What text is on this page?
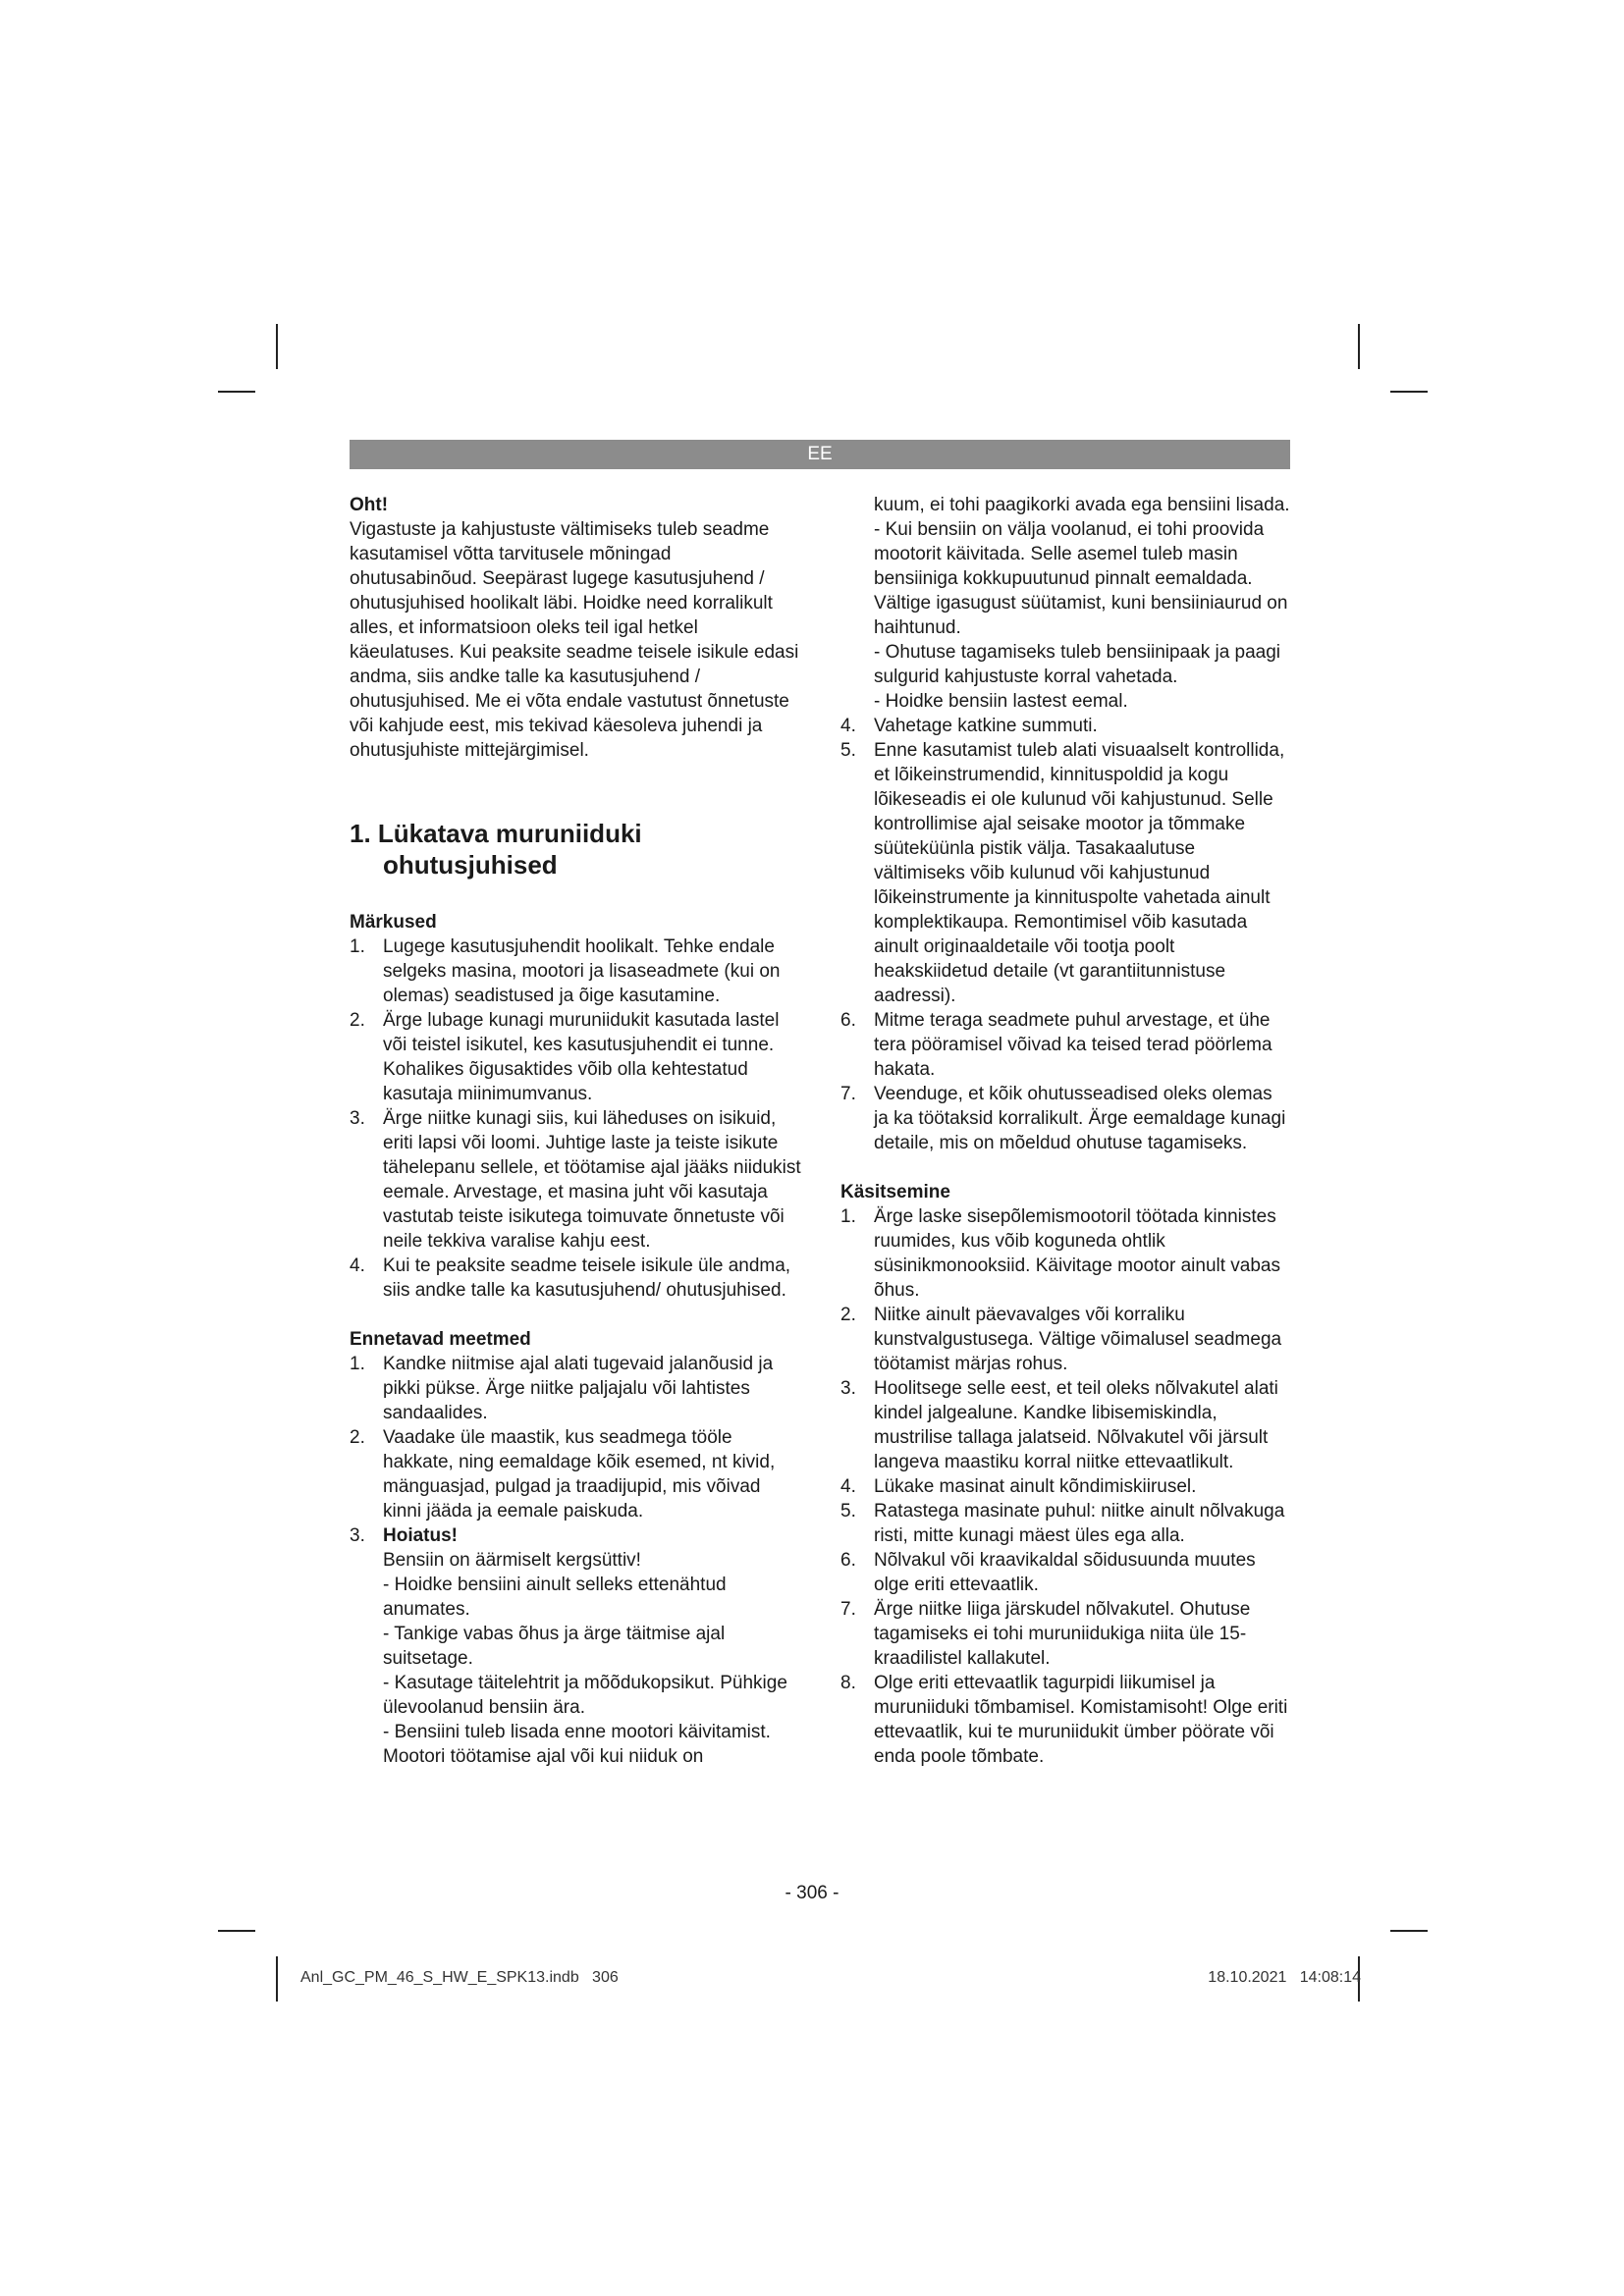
EE

Oht!

Vigastuste ja kahjustuste vältimiseks tuleb seadme kasutamisel võtta tarvitusele mõningad ohutusabinõud. Seepärast lugege kasutusjuhend / ohutusjuhised hoolikalt läbi. Hoidke need korralikult alles, et informatsioon oleks teil igal hetkel käeulatuses. Kui peaksite seadme teisele isikule edasi andma, siis andke talle ka kasutusjuhend / ohutusjuhised. Me ei võta endale vastutust õnnetuste või kahjude eest, mis tekivad käesoleva juhendi ja ohutusjuhiste mittejärgimisel.

1. Lükatava muruniiduki ohutusjuhised

Märkused

1. Lugege kasutusjuhendit hoolikalt. Tehke endale selgeks masina, mootori ja lisaseadmete (kui on olemas) seadistused ja õige kasutamine.
2. Ärge lubage kunagi muruniidukit kasutada lastel või teistel isikutel, kes kasutusjuhendit ei tunne. Kohalikes õigusaktides võib olla kehtestatud kasutaja miinimumvanus.
3. Ärge niitke kunagi siis, kui läheduses on isikuid, eriti lapsi või loomi. Juhtige laste ja teiste isikute tähelepanu sellele, et töötamise ajal jääks niidukist eemale. Arvestage, et masina juht või kasutaja vastutab teiste isikutega toimuvate õnnetuste või neile tekkiva varalise kahju eest.
4. Kui te peaksite seadme teisele isikule üle andma, siis andke talle ka kasutusjuhend/ ohutusjuhised.

Ennetavad meetmed

1. Kandke niitmise ajal alati tugevaid jalanõusid ja pikki pükse. Ärge niitke paljajalu või lahtistes sandaalides.
2. Vaadake üle maastik, kus seadmega tööle hakkate, ning eemaldage kõik esemed, nt kivid, mänguasjad, pulgad ja traadijupid, mis võivad kinni jääda ja eemale paiskuda.
3. Hoiatus!
Bensiin on äärmiselt kergsüttiv!
- Hoidke bensiini ainult selleks ettenähtud anumates.
- Tankige vabas õhus ja ärge täitmise ajal suitsetage.
- Kasutage täitelehtrit ja mõõdukopsikut. Pühkige ülevoolanud bensiin ära.
- Bensiini tuleb lisada enne mootori käivitamist. Mootori töötamise ajal või kui niiduk on
kuum, ei tohi paagikorki avada ega bensiini lisada.
- Kui bensiin on välja voolanud, ei tohi proovida mootorit käivitada. Selle asemel tuleb masin bensiiniga kokkupuutunud pinnalt eemaldada. Vältige igasugust süütamist, kuni bensiiniaurud on haihtunud.
- Ohutuse tagamiseks tuleb bensiinipaak ja paagi sulgurid kahjustuste korral vahetada.
- Hoidke bensiin lastest eemal.
4. Vahetage katkine summuti.
5. Enne kasutamist tuleb alati visuaalselt kontrollida, et lõikeinstrumendid, kinnituspoldid ja kogu lõikeseadis ei ole kulunud või kahjustunud. Selle kontrollimise ajal seisake mootor ja tõmmake süüteküünla pistik välja. Tasakaalutuse vältimiseks võib kulunud või kahjustunud lõikeinstrumente ja kinnituspolte vahetada ainult komplektikaupa. Remontimisel võib kasutada ainult originaaldetaile või tootja poolt heakskiidetud detaile (vt garantiitunnistuse aadressi).
6. Mitme teraga seadmete puhul arvestage, et ühe tera pööramisel võivad ka teised terad pöörlema hakata.
7. Veenduge, et kõik ohutusseadised oleks olemas ja ka töötaksid korralikult. Ärge eemaldage kunagi detaile, mis on mõeldud ohutuse tagamiseks.

Käsitsemine

1. Ärge laske sisepõlemismootoril töötada kinnistes ruumides, kus võib koguneda ohtlik süsinikmonooksiid. Käivitage mootor ainult vabas õhus.
2. Niitke ainult päevavalges või korraliku kunstvalgustusega. Vältige võimalusel seadmega töötamist märjas rohus.
3. Hoolitsege selle eest, et teil oleks nõlvakutel alati kindel jalgealune. Kandke libisemiskindla, mustrilise tallaga jalatseid. Nõlvakutel või järsult langeva maastiku korral niitke ettevaatlikult.
4. Lükake masinat ainult kõndimiskiirusel.
5. Ratastega masinate puhul: niitke ainult nõlvakuga risti, mitte kunagi mäest üles ega alla.
6. Nõlvakul või kraavikaldal sõidusuunda muutes olge eriti ettevaatlik.
7. Ärge niitke liiga järskudel nõlvakutel. Ohutuse tagamiseks ei tohi muruniidukiga niita üle 15-kraadilistel kallakutel.
8. Olge eriti ettevaatlik tagurpidi liikumisel ja muruniiduki tõmbamisel. Komistamisoht! Olge eriti ettevaatlik, kui te muruniidukit ümber pöörate või enda poole tõmbate.
- 306 -
Anl_GC_PM_46_S_HW_E_SPK13.indb   306	18.10.2021   14:08:14
